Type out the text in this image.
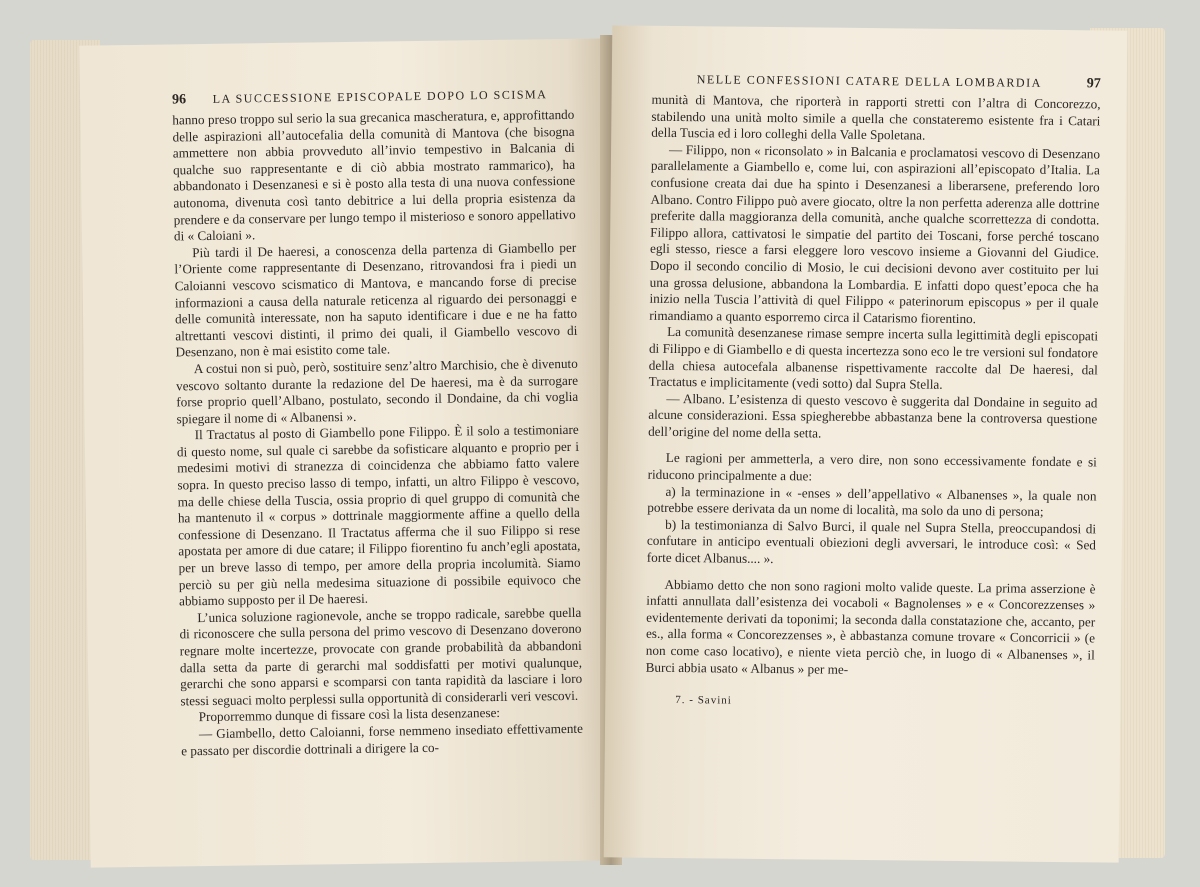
96 LA SUCCESSIONE EPISCOPALE DOPO LO SCISMA

hanno preso troppo sul serio la sua grecanica mascheratura, e, approfittando delle aspirazioni all’autocefalia della comunità di Mantova (che bisogna ammettere non abbia provveduto all’invio tempestivo in Balcania di qualche suo rappresentante e di ciò abbia mostrato rammarico), ha abbandonato i Desenzanesi e si è posto alla testa di una nuova confessione autonoma, divenuta così tanto debitrice a lui della propria esistenza da prendere e da conservare per lungo tempo il misterioso e sonoro appellativo di « Caloiani ».

Più tardi il De haeresi, a conoscenza della partenza di Giambello per l’Oriente come rappresentante di Desenzano, ritrovandosi fra i piedi un Caloianni vescovo scismatico di Mantova, e mancando forse di precise informazioni a causa della naturale reticenza al riguardo dei personaggi e delle comunità interessate, non ha saputo identificare i due e ne ha fatto altrettanti vescovi distinti, il primo dei quali, il Giambello vescovo di Desenzano, non è mai esistito come tale.

A costui non si può, però, sostituire senz’altro Marchisio, che è divenuto vescovo soltanto durante la redazione del De haeresi, ma è da surrogare forse proprio quell’Albano, postulato, secondo il Dondaine, da chi voglia spiegare il nome di « Albanensi ».

Il Tractatus al posto di Giambello pone Filippo. È il solo a testimoniare di questo nome, sul quale ci sarebbe da sofisticare alquanto e proprio per i medesimi motivi di stranezza di coincidenza che abbiamo fatto valere sopra. In questo preciso lasso di tempo, infatti, un altro Filippo è vescovo, ma delle chiese della Tuscia, ossia proprio di quel gruppo di comunità che ha mantenuto il « corpus » dottrinale maggiormente affine a quello della confessione di Desenzano. Il Tractatus afferma che il suo Filippo si rese apostata per amore di due catare; il Filippo fiorentino fu anch’egli apostata, per un breve lasso di tempo, per amore della propria incolumità. Siamo perciò su per giù nella medesima situazione di possibile equivoco che abbiamo supposto per il De haeresi.

L’unica soluzione ragionevole, anche se troppo radicale, sarebbe quella di riconoscere che sulla persona del primo vescovo di Desenzano doverono regnare molte incertezze, provocate con grande probabilità da abbandoni dalla setta da parte di gerarchi mal soddisfatti per motivi qualunque, gerarchi che sono apparsi e scomparsi con tanta rapidità da lasciare i loro stessi seguaci molto perplessi sulla opportunità di considerarli veri vescovi.

Proporremmo dunque di fissare così la lista desenzanese:

— Giambello, detto Caloianni, forse nemmeno insediato effettivamente e passato per discordie dottrinali a dirigere la co-

NELLE CONFESSIONI CATARE DELLA LOMBARDIA	97

munità di Mantova, che riporterà in rapporti stretti con l’altra di Concorezzo, stabilendo una unità molto simile a quella che constateremo esistente fra i Catari della Tuscia ed i loro colleghi della Valle Spoletana.

— Filippo, non « riconsolato » in Balcania e proclamatosi vescovo di Desenzano parallelamente a Giambello e, come lui, con aspirazioni all’episcopato d’Italia. La confusione creata dai due ha spinto i Desenzanesi a liberarsene, preferendo loro Albano. Contro Filippo può avere giocato, oltre la non perfetta aderenza alle dottrine preferite dalla maggioranza della comunità, anche qualche scorrettezza di condotta. Filippo allora, cattivatosi le simpatie del partito dei Toscani, forse perché toscano egli stesso, riesce a farsi eleggere loro vescovo insieme a Giovanni del Giudice. Dopo il secondo concilio di Mosio, le cui decisioni devono aver costituito per lui una grossa delusione, abbandona la Lombardia. E infatti dopo quest’epoca che ha inizio nella Tuscia l’attività di quel Filippo « paterinorum episcopus » per il quale rimandiamo a quanto esporremo circa il Catarismo fiorentino.

La comunità desenzanese rimase sempre incerta sulla legittimità degli episcopati di Filippo e di Giambello e di questa incertezza sono eco le tre versioni sul fondatore della chiesa autocefala albanense rispettivamente raccolte dal De haeresi, dal Tractatus e implicitamente (vedi sotto) dal Supra Stella.

— Albano. L’esistenza di questo vescovo è suggerita dal Dondaine in seguito ad alcune considerazioni. Essa spiegherebbe abbastanza bene la controversa questione dell’origine del nome della setta.

Le ragioni per ammetterla, a vero dire, non sono eccessivamente fondate e si riducono principalmente a due:

a) la terminazione in « -enses » dell’appellativo « Albanenses », la quale non potrebbe essere derivata da un nome di località, ma solo da uno di persona;

b) la testimonianza di Salvo Burci, il quale nel Supra Stella, preoccupandosi di confutare in anticipo eventuali obiezioni degli avversari, le introduce così: « Sed forte dicet Albanus.... ».

Abbiamo detto che non sono ragioni molto valide queste. La prima asserzione è infatti annullata dall’esistenza dei vocaboli « Bagnolenses » e « Concorezzenses » evidentemente derivati da toponimi; la seconda dalla constatazione che, accanto, per es., alla forma « Concorezzenses », è abbastanza comune trovare « Concorricii » (e non come caso locativo), e niente vieta perciò che, in luogo di « Albanenses », il Burci abbia usato « Albanus » per me-

7. - Savini
